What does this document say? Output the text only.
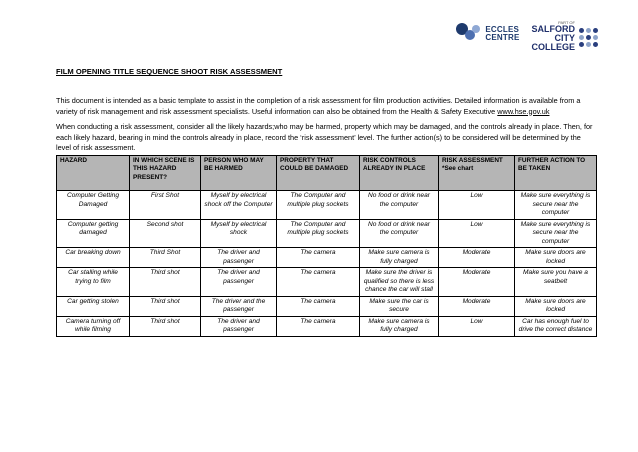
ECCLES
CENTRE
PART OF
SALFORD
CITY
COLLEGE
FILM OPENING TITLE SEQUENCE SHOOT RISK ASSESSMENT

This document is intended as a basic template to assist in the completion of a risk assessment for film production activities. Detailed information is available from a variety of risk management and risk assessment specialists. Useful information can also be obtained from the Health & Safety Executive www.hse.gov.uk

When conducting a risk assessment, consider all the likely hazards;who may be harmed, property which may be damaged, and the controls already in place. Then, for each likely hazard, bearing in mind the controls already in place, record the ‘risk assessment’ level. The further action(s) to be considered will be determined by the level of risk assessment.

HAZARD	IN WHICH SCENE IS THIS HAZARD PRESENT?	PERSON WHO MAY BE HARMED	PROPERTY THAT COULD BE DAMAGED	RISK CONTROLS ALREADY IN PLACE	RISK ASSESSMENT *See chart	FURTHER ACTION TO BE TAKEN
Computer Getting Damaged	First Shot	Myself by electrical shock off the Computer	The Computer and multiple plug sockets	No food or drink near the computer	Low	Make sure everything is secure near the computer
Computer getting damaged	Second shot	Myself by electrical shock	The Computer and multiple plug sockets	No food or drink near the computer	Low	Make sure everything is secure near the computer
Car breaking down	Third Shot	The driver and passenger	The camera	Make sure camera is fully charged	Moderate	Make sure doors are locked
Car stalling while trying to film	Third shot	The driver and passenger	The camera	Make sure the driver is qualified so there is less chance the car will stall	Moderate	Make sure you have a seatbelt
Car getting stolen	Third shot	The driver and the passenger	The camera	Make sure the car is secure	Moderate	Make sure doors are locked
Camera turning off while filming	Third shot	The driver and passenger	The camera	Make sure camera is fully charged	Low	Car has enough fuel to drive the correct distance
